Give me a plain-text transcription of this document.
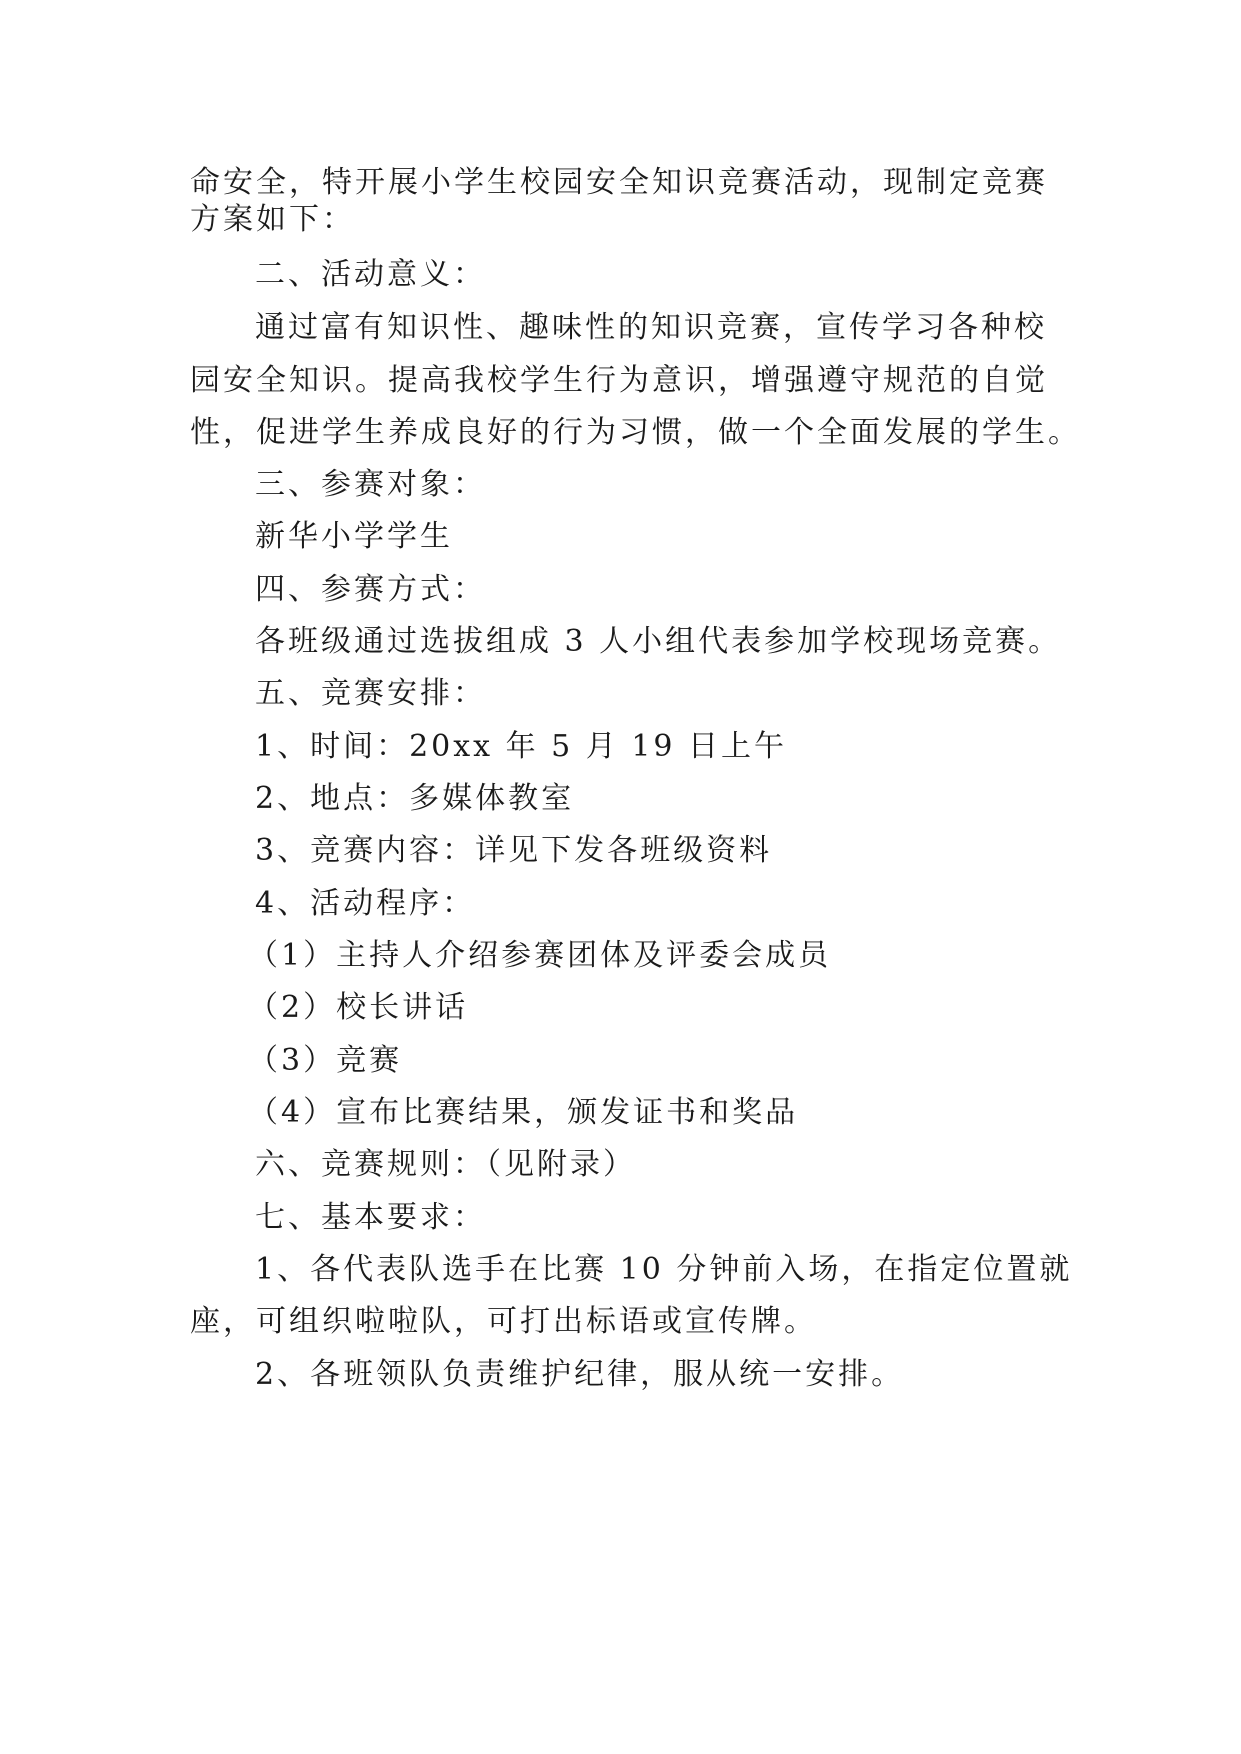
命安全，特开展小学生校园安全知识竞赛活动，现制定竞赛
方案如下：
二、活动意义：
通过富有知识性、趣味性的知识竞赛，宣传学习各种校
园安全知识。提高我校学生行为意识，增强遵守规范的自觉
性，促进学生养成良好的行为习惯，做一个全面发展的学生。
三、参赛对象：
新华小学学生
四、参赛方式：
各班级通过选拔组成 3 人小组代表参加学校现场竞赛。
五、竞赛安排：
1、时间：20xx 年 5 月 19 日上午
2、地点：多媒体教室
3、竞赛内容：详见下发各班级资料
4、活动程序：
（1）主持人介绍参赛团体及评委会成员
（2）校长讲话
（3）竞赛
（4）宣布比赛结果，颁发证书和奖品
六、竞赛规则：（见附录）
七、基本要求：
1、各代表队选手在比赛 10 分钟前入场，在指定位置就
座，可组织啦啦队，可打出标语或宣传牌。
2、各班领队负责维护纪律，服从统一安排。
